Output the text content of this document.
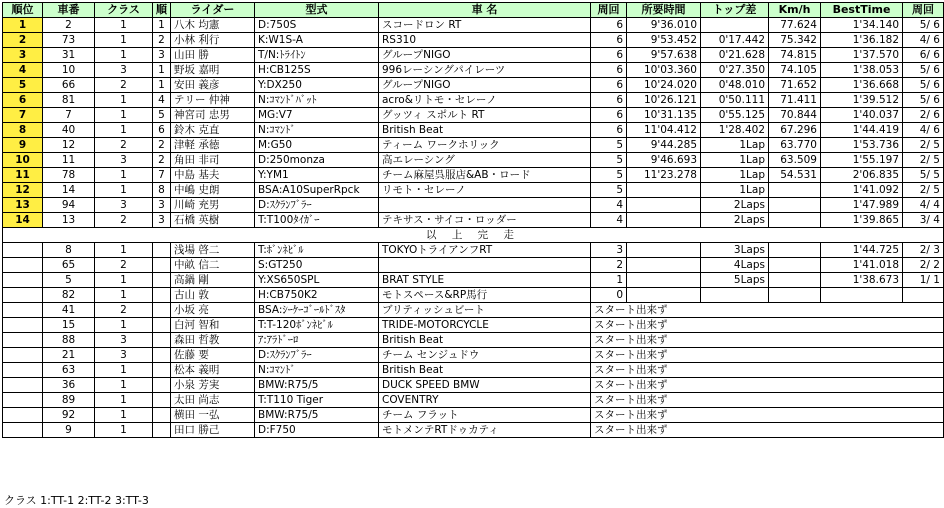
順位	車番	クラス	順	ライダー	型式	車 名	周回	所要時間	トップ差	Km/h	BestTime	周回
1	2	1	1	八木 均憲	D:750S	スコードロン RT	6	9'36.010		77.624	1'34.140	5/ 6
2	73	1	2	小林 利行	K:W1S-A	RS310	6	9'53.452	0'17.442	75.342	1'36.182	4/ 6
3	31	1	3	山田 勝	T/N:ﾄﾗｲﾄﾝ	グループNIGO	6	9'57.638	0'21.628	74.815	1'37.570	6/ 6
4	10	3	1	野坂 嘉明	H:CB125S	996レーシングパイレーツ	6	10'03.360	0'27.350	74.105	1'38.053	5/ 6
5	66	2	1	安田 義彦	Y:DX250	グループNIGO	6	10'24.020	0'48.010	71.652	1'36.668	5/ 6
6	81	1	4	テリー 仲神	N:ｺﾏﾝﾄﾞﾊﾞｯﾄ	acro&リトモ・セレーノ	6	10'26.121	0'50.111	71.411	1'39.512	5/ 6
7	7	1	5	神宮司 忠男	MG:V7	グッツィ スポルト RT	6	10'31.135	0'55.125	70.844	1'40.037	2/ 6
8	40	1	6	鈴木 克直	N:ｺﾏﾝﾄﾞ	British Beat	6	11'04.412	1'28.402	67.296	1'44.419	4/ 6
9	12	2	2	津軽 承徳	M:G50	ティーム ワークホリック	5	9'44.285	1Lap	63.770	1'53.736	2/ 5
10	11	3	2	角田 非司	D:250monza	高エレーシング	5	9'46.693	1Lap	63.509	1'55.197	2/ 5
11	78	1	7	中島 基夫	Y:YM1	チーム麻屋呉服店&AB・ロード	5	11'23.278	1Lap	54.531	2'06.835	5/ 5
12	14	1	8	中嶋 史朗	BSA:A10SuperRpck	リモト・セレーノ	5		1Lap		1'41.092	2/ 5
13	94	3	3	川崎 充男	D:ｽｸﾗﾝﾌﾞﾗｰ		4		2Laps		1'47.989	4/ 4
14	13	2	3	石橋 英樹	T:T100ﾀｲｶﾞｰ	テキサス・サイコ・ロッダー	4		2Laps		1'39.865	3/ 4
以 上 完 走												
	8	1		浅場 啓二	T:ﾎﾞﾝﾈﾋﾞﾙ	TOKYOトライアンフRT	3		3Laps		1'44.725	2/ 3
	65	2		中畝 信二	S:GT250		2		4Laps		1'41.018	2/ 2
	5	1		高鍋 剛	Y:XS650SPL	BRAT STYLE	1		5Laps		1'38.673	1/ 1
	82	1		古山 敦	H:CB750K2	モトスペース&RP馬行	0					
	41	2		小坂 亮	BSA:ｼｰｹｰｺﾞｰﾙﾄﾞｽﾀ	ブリティッシュビート	スタート出来ず					
	15	1		白河 智和	T:T-120ﾎﾞﾝﾈﾋﾞﾙ	TRIDE-MOTORCYCLE	スタート出来ず					
	88	3		森田 哲教	ｱ:ｱﾗﾄﾞｰﾛ	British Beat	スタート出来ず					
	21	3		佐藤 要	D:ｽｸﾗﾝﾌﾞﾗｰ	チーム センジュドウ	スタート出来ず					
	63	1		松本 義明	N:ｺﾏﾝﾄﾞ	British Beat	スタート出来ず					
	36	1		小泉 芳実	BMW:R75/5	DUCK SPEED BMW	スタート出来ず					
	89	1		太田 尚志	T:T110 Tiger	COVENTRY	スタート出来ず					
	92	1		横田 一弘	BMW:R75/5	チーム フラット	スタート出来ず					
	9	1		田口 勝己	D:F750	モトメンテRTドゥカティ	スタート出来ず					
クラス 1:TT-1 2:TT-2 3:TT-3
